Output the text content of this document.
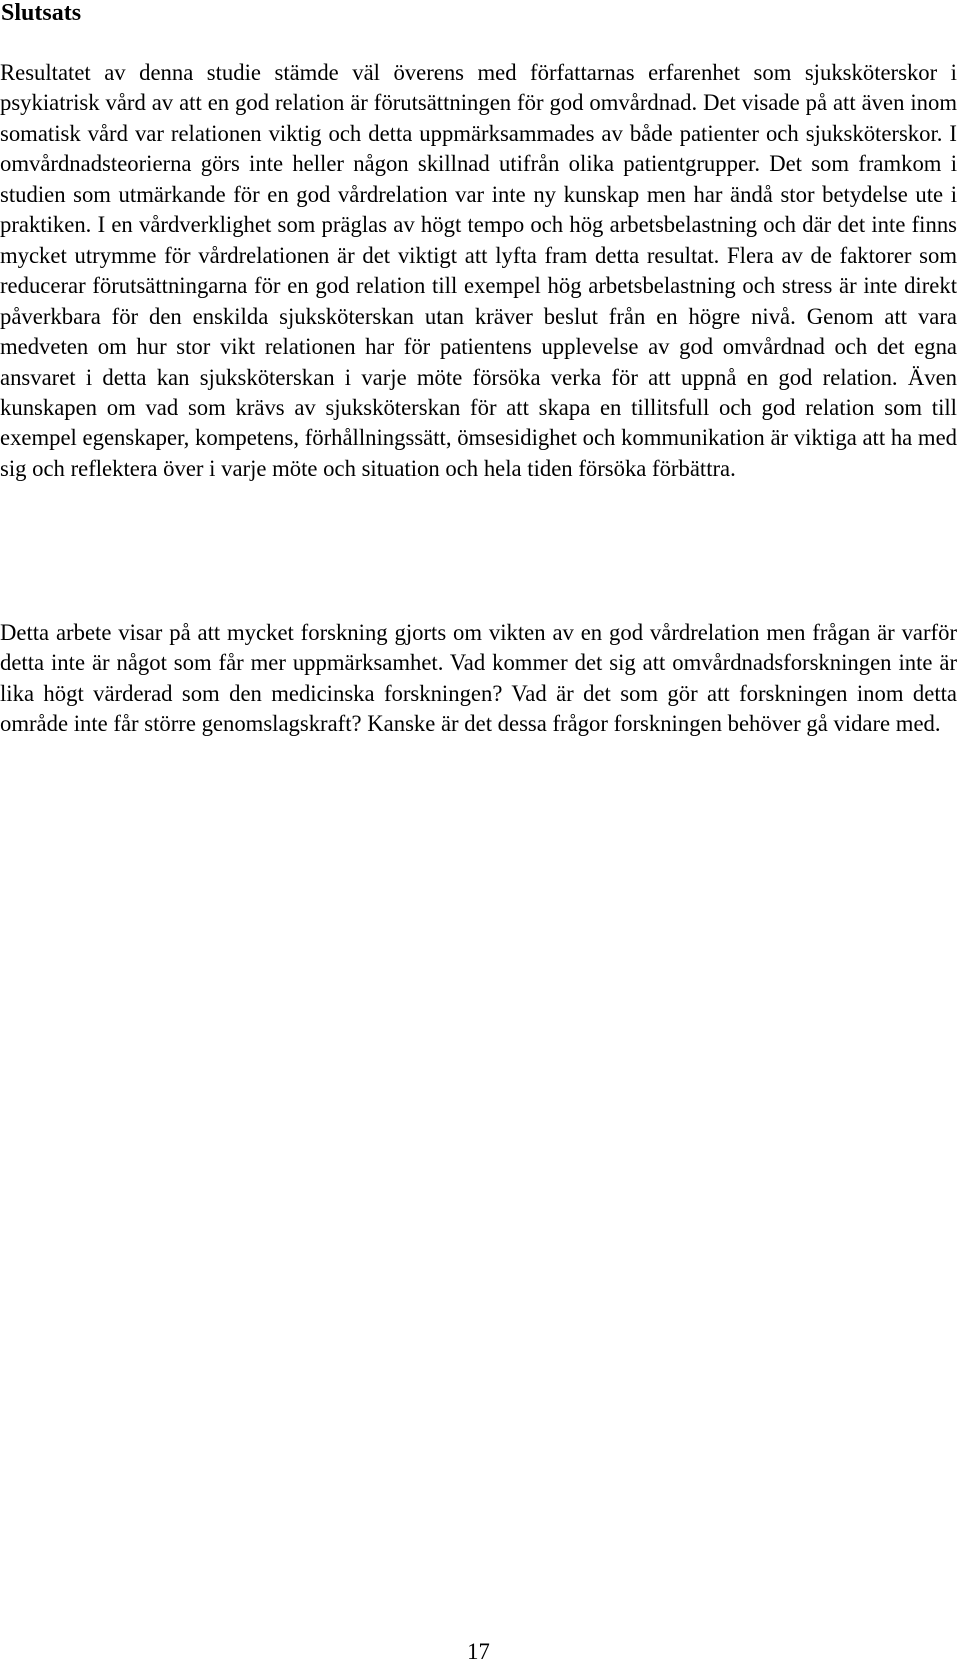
Slutsats

Resultatet av denna studie stämde väl överens med författarnas erfarenhet som sjuksköterskor i psykiatrisk vård av att en god relation är förutsättningen för god omvårdnad. Det visade på att även inom somatisk vård var relationen viktig och detta uppmärksammades av både patienter och sjuksköterskor. I omvårdnadsteorierna görs inte heller någon skillnad utifrån olika patientgrupper. Det som framkom i studien som utmärkande för en god vårdrelation var inte ny kunskap men har ändå stor betydelse ute i praktiken. I en vårdverklighet som präglas av högt tempo och hög arbetsbelastning och där det inte finns mycket utrymme för vårdrelationen är det viktigt att lyfta fram detta resultat. Flera av de faktorer som reducerar förutsättningarna för en god relation till exempel hög arbetsbelastning och stress är inte direkt påverkbara för den enskilda sjuksköterskan utan kräver beslut från en högre nivå. Genom att vara medveten om hur stor vikt relationen har för patientens upplevelse av god omvårdnad och det egna ansvaret i detta kan sjuksköterskan i varje möte försöka verka för att uppnå en god relation. Även kunskapen om vad som krävs av sjuksköterskan för att skapa en tillitsfull och god relation som till exempel egenskaper, kompetens, förhållningssätt, ömsesidighet och kommunikation är viktiga att ha med sig och reflektera över i varje möte och situation och hela tiden försöka förbättra.

Detta arbete visar på att mycket forskning gjorts om vikten av en god vårdrelation men frågan är varför detta inte är något som får mer uppmärksamhet. Vad kommer det sig att omvårdnadsforskningen inte är lika högt värderad som den medicinska forskningen? Vad är det som gör att forskningen inom detta område inte får större genomslagskraft? Kanske är det dessa frågor forskningen behöver gå vidare med.

17
